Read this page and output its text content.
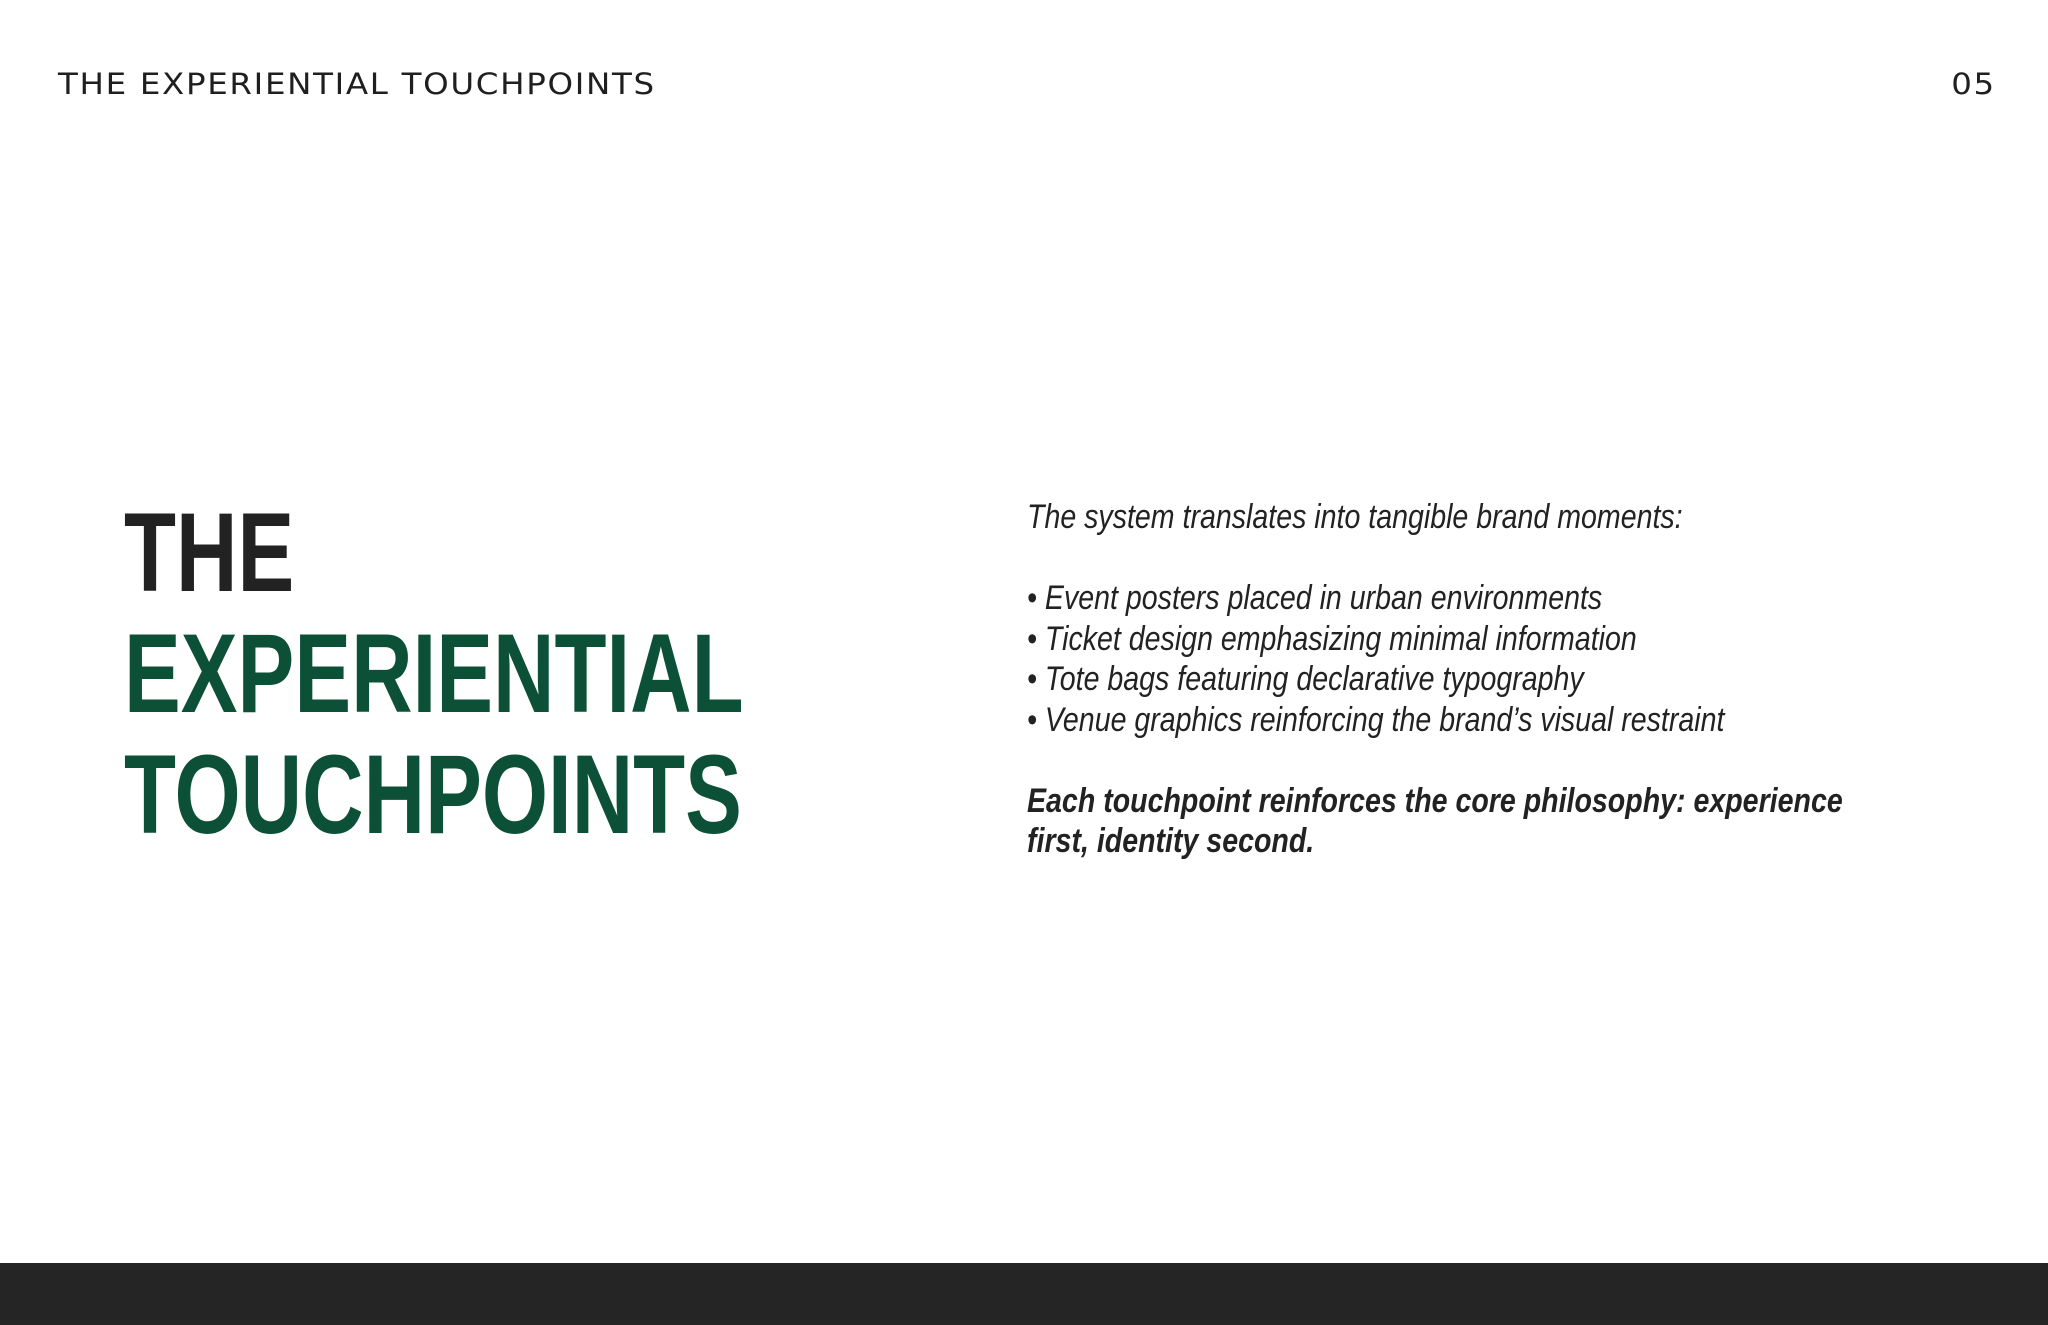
THE EXPERIENTIAL TOUCHPOINTS	05
THE
EXPERIENTIAL
TOUCHPOINTS

The system translates into tangible brand moments:

• Event posters placed in urban environments
• Ticket design emphasizing minimal information
• Tote bags featuring declarative typography
• Venue graphics reinforcing the brand’s visual restraint

Each touchpoint reinforces the core philosophy: experience first, identity second.
